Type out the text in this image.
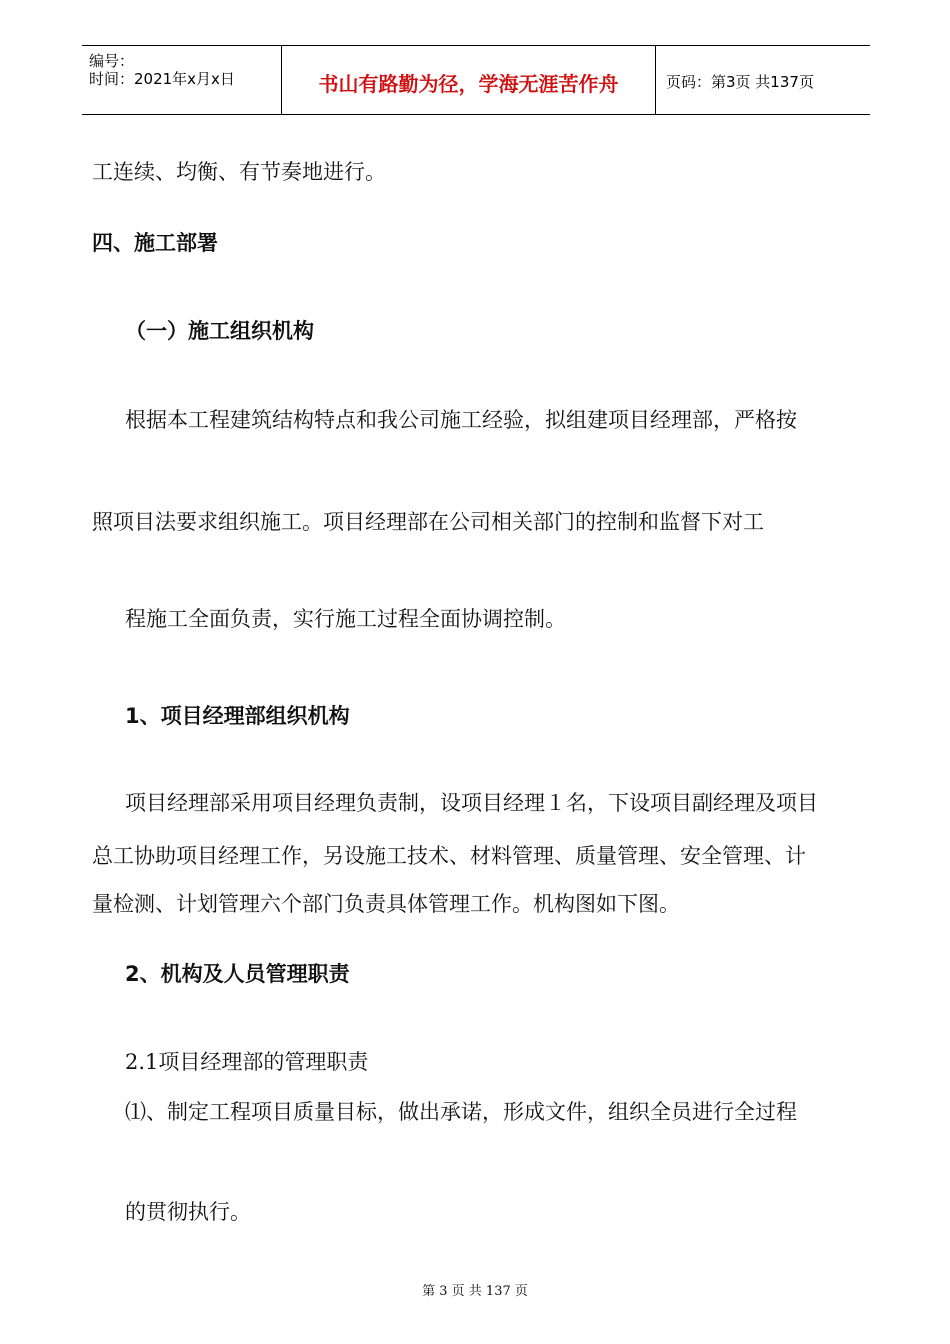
编号：
时间：2021年x月x日	书山有路勤为径，学海无涯苦作舟	页码：第3页 共137页
工连续、均衡、有节奏地进行。
四、施工部署
（一）施工组织机构
根据本工程建筑结构特点和我公司施工经验，拟组建项目经理部，严格按
照项目法要求组织施工。项目经理部在公司相关部门的控制和监督下对工
程施工全面负责，实行施工过程全面协调控制。
1、项目经理部组织机构
项目经理部采用项目经理负责制，设项目经理１名，下设项目副经理及项目
总工协助项目经理工作，另设施工技术、材料管理、质量管理、安全管理、计
量检测、计划管理六个部门负责具体管理工作。机构图如下图。
2、机构及人员管理职责
2.1项目经理部的管理职责
⑴、制定工程项目质量目标，做出承诺，形成文件，组织全员进行全过程
的贯彻执行。
第 3 页 共 137 页
